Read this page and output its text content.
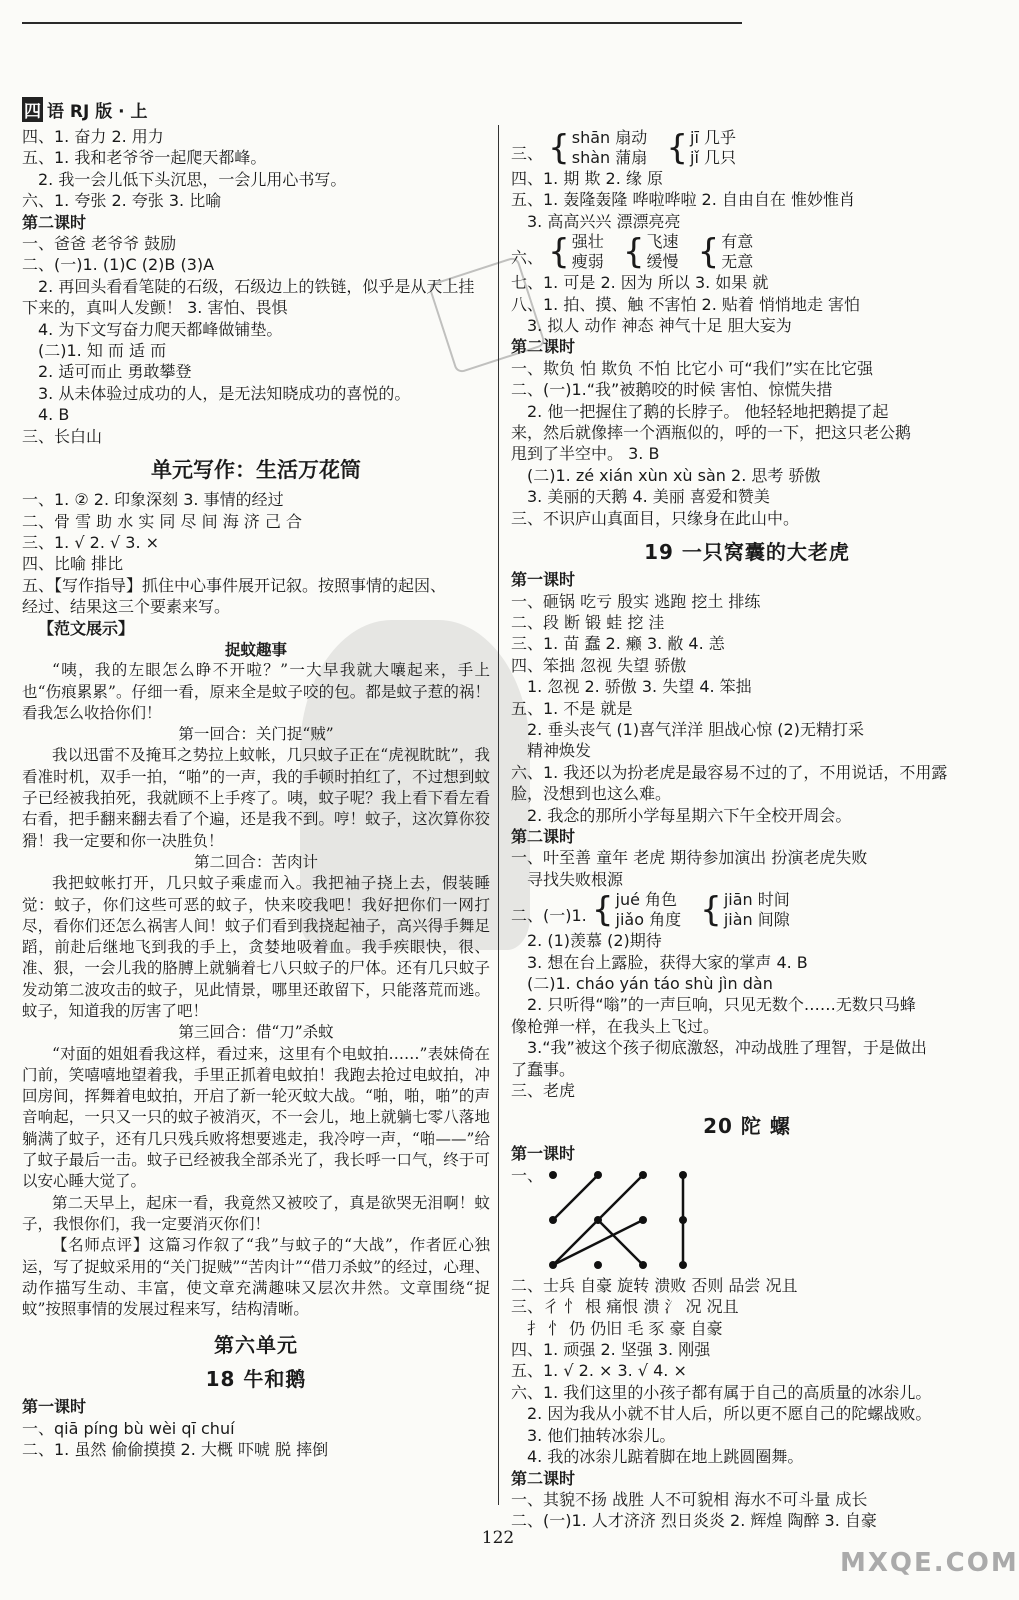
四 语 RJ 版 · 上
四、1. 奋力 2. 用力
五、1. 我和老爷爷一起爬天都峰。
2. 我一会儿低下头沉思，一会儿用心书写。
六、1. 夸张 2. 夸张 3. 比喻
第二课时
一、爸爸 老爷爷 鼓励
二、(一)1. (1)C (2)B (3)A
2. 再回头看看笔陡的石级，石级边上的铁链，似乎是从天上挂
下来的，真叫人发颤！ 3. 害怕、畏惧
4. 为下文写奋力爬天都峰做铺垫。
(二)1. 知 而 适 而
2. 适可而止 勇敢攀登
3. 从未体验过成功的人，是无法知晓成功的喜悦的。
4. B
三、长白山
单元写作：生活万花筒
一、1. ② 2. 印象深刻 3. 事情的经过
二、骨 雪 助 水 实 同 尽 间 海 济 己 合
三、1. √ 2. √ 3. ×
四、比喻 排比
五、【写作指导】抓住中心事件展开记叙。按照事情的起因、
经过、结果这三个要素来写。
【范文展示】
捉蚊趣事
“咦，我的左眼怎么睁不开啦？”一大早我就大嚷起来，手上也“伤痕累累”。仔细一看，原来全是蚊子咬的包。都是蚊子惹的祸！看我怎么收拾你们！
第一回合：关门捉“贼”
我以迅雷不及掩耳之势拉上蚊帐，几只蚊子正在“虎视眈眈”，我看准时机，双手一拍，“啪”的一声，我的手顿时拍红了，不过想到蚊子已经被我拍死，我就顾不上手疼了。咦，蚊子呢？我上看下看左看右看，把手翻来翻去看了个遍，还是我不到。哼！蚊子，这次算你狡猾！我一定要和你一决胜负！
第二回合：苦肉计
我把蚊帐打开，几只蚊子乘虚而入。我把袖子挠上去，假装睡觉：蚊子，你们这些可恶的蚊子，快来咬我吧！我好把你们一网打尽，看你们还怎么祸害人间！蚊子们看到我挠起袖子，高兴得手舞足蹈，前赴后继地飞到我的手上，贪婪地吸着血。我手疾眼快，很、准、狠，一会儿我的胳膊上就躺着七八只蚊子的尸体。还有几只蚊子发动第二波攻击的蚊子，见此情景，哪里还敢留下，只能落荒而逃。蚊子，知道我的厉害了吧！
第三回合：借“刀”杀蚊
“对面的姐姐看我这样，看过来，这里有个电蚊拍……”表妹倚在门前，笑嘻嘻地望着我，手里正抓着电蚊拍！我跑去抢过电蚊拍，冲回房间，挥舞着电蚊拍，开启了新一轮灭蚊大战。“啪，啪，啪”的声音响起，一只又一只的蚊子被消灭，不一会儿，地上就躺七零八落地躺满了蚊子，还有几只残兵败将想要逃走，我冷哼一声，“啪——”给了蚊子最后一击。蚊子已经被我全部杀光了，我长呼一口气，终于可以安心睡大觉了。
第二天早上，起床一看，我竟然又被咬了，真是欲哭无泪啊！蚊子，我恨你们，我一定要消灭你们！
【名师点评】这篇习作叙了“我”与蚊子的“大战”，作者匠心独运，写了捉蚊采用的“关门捉贼”“苦肉计”“借刀杀蚊”的经过，心理、动作描写生动、丰富，使文章充满趣味又层次井然。文章围绕“捉蚊”按照事情的发展过程来写，结构清晰。
第六单元
18 牛和鹅
第一课时
一、qiā píng bù wèi qī chuí
二、1. 虽然 偷偷摸摸 2. 大概 吓唬 脱 摔倒
三、 { shān 扇动
shàn 蒲扇
{ jī 几乎
jǐ 几只
四、1. 期 欺 2. 缘 原
五、1. 轰隆轰隆 哗啦哗啦 2. 自由自在 惟妙惟肖
3. 高高兴兴 漂漂亮亮
六、 { 强壮
瘦弱
{ 飞速
缓慢
{ 有意
无意
七、1. 可是 2. 因为 所以 3. 如果 就
八、1. 拍、摸、触 不害怕 2. 贴着 悄悄地走 害怕
3. 拟人 动作 神态 神气十足 胆大妄为
第二课时
一、欺负 怕 欺负 不怕 比它小 可“我们”实在比它强
二、(一)1.“我”被鹅咬的时候 害怕、惊慌失措
2. 他一把握住了鹅的长脖子。 他轻轻地把鹅提了起
来，然后就像摔一个酒瓶似的，呼的一下，把这只老公鹅
甩到了半空中。 3. B
(二)1. zé xián xùn xù sàn 2. 思考 骄傲
3. 美丽的天鹅 4. 美丽 喜爱和赞美
三、不识庐山真面目，只缘身在此山中。
19 一只窝囊的大老虎
第一课时
一、砸锅 吃亏 殷实 逃跑 挖土 排练
二、段 断 锻 蛙 挖 洼
三、1. 苗 蠢 2. 癞 3. 敝 4. 恙
四、笨拙 忽视 失望 骄傲
1. 忽视 2. 骄傲 3. 失望 4. 笨拙
五、1. 不是 就是
2. 垂头丧气 (1)喜气洋洋 胆战心惊 (2)无精打采
精神焕发
六、1. 我还以为扮老虎是最容易不过的了，不用说话，不用露
脸，没想到也这么难。
2. 我念的那所小学每星期六下午全校开周会。
第二课时
一、叶至善 童年 老虎 期待参加演出 扮演老虎失败
寻找失败根源
二、(一)1. { jué 角色
jiǎo 角度
{ jiān 时间
jiàn 间隙
2. (1)羡慕 (2)期待
3. 想在台上露脸，获得大家的掌声 4. B
(二)1. cháo yán táo shù jìn dàn
2. 只听得“嗡”的一声巨响，只见无数个……无数只马蜂
像枪弹一样，在我头上飞过。
3.“我”被这个孩子彻底激怒，冲动战胜了理智，于是做出
了蠢事。
三、老虎
20 陀 螺
第一课时
一、
二、士兵 自豪 旋转 溃败 否则 品尝 况且
三、彳 忄 根 痛恨 溃 氵 况 况且
扌 忄 仍 仍旧 毛 豕 豪 自豪
四、1. 顽强 2. 坚强 3. 刚强
五、1. √ 2. × 3. √ 4. ×
六、1. 我们这里的小孩子都有属于自己的高质量的冰尜儿。
2. 因为我从小就不甘人后，所以更不愿自己的陀螺战败。
3. 他们抽转冰尜儿。
4. 我的冰尜儿踮着脚在地上跳圆圈舞。
第二课时
一、其貌不扬 战胜 人不可貌相 海水不可斗量 成长
二、(一)1. 人才济济 烈日炎炎 2. 辉煌 陶醉 3. 自豪
122
MXQE.COM
